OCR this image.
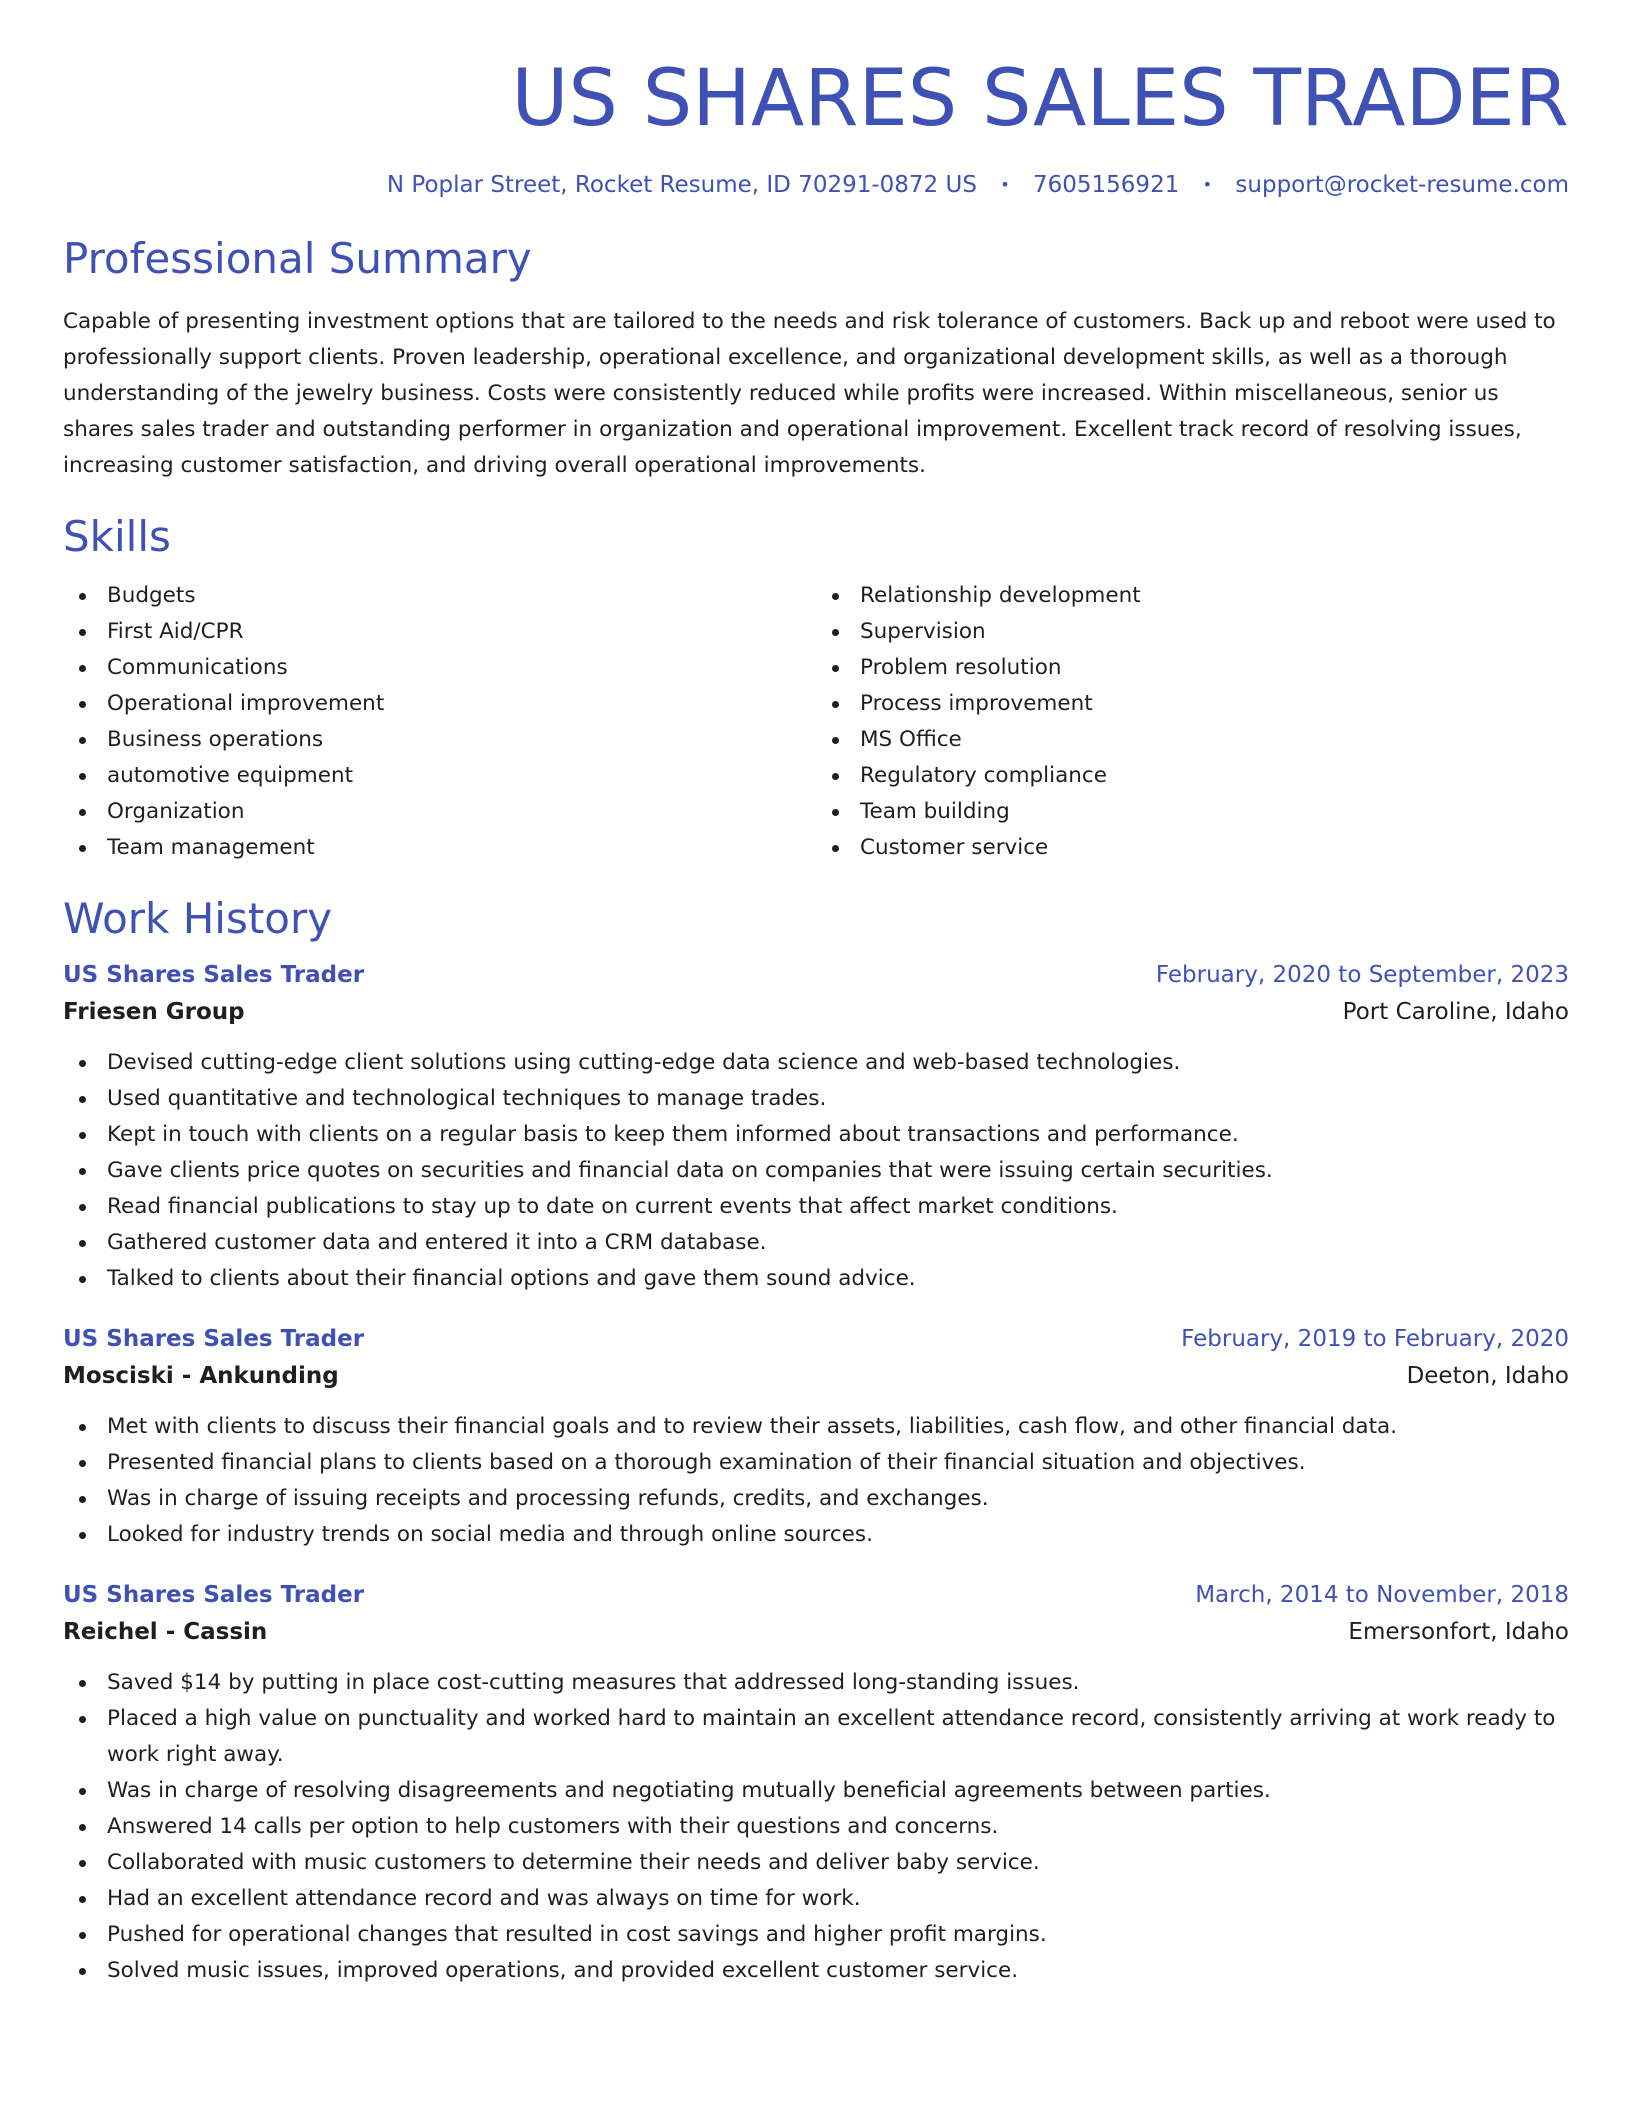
US SHARES SALES TRADER
N Poplar Street, Rocket Resume, ID 70291-0872 US • 7605156921 • support@rocket-resume.com
Professional Summary

Capable of presenting investment options that are tailored to the needs and risk tolerance of customers. Back up and reboot were used to professionally support clients. Proven leadership, operational excellence, and organizational development skills, as well as a thorough understanding of the jewelry business. Costs were consistently reduced while profits were increased. Within miscellaneous, senior us shares sales trader and outstanding performer in organization and operational improvement. Excellent track record of resolving issues, increasing customer satisfaction, and driving overall operational improvements.

Skills
Budgets
First Aid/CPR
Communications
Operational improvement
Business operations
automotive equipment
Organization
Team management
Relationship development
Supervision
Problem resolution
Process improvement
MS Office
Regulatory compliance
Team building
Customer service
Work History
US Shares Sales Trader	February, 2020 to September, 2023
Friesen Group	Port Caroline, Idaho
Devised cutting-edge client solutions using cutting-edge data science and web-based technologies.
Used quantitative and technological techniques to manage trades.
Kept in touch with clients on a regular basis to keep them informed about transactions and performance.
Gave clients price quotes on securities and financial data on companies that were issuing certain securities.
Read financial publications to stay up to date on current events that affect market conditions.
Gathered customer data and entered it into a CRM database.
Talked to clients about their financial options and gave them sound advice.
US Shares Sales Trader	February, 2019 to February, 2020
Mosciski - Ankunding	Deeton, Idaho
Met with clients to discuss their financial goals and to review their assets, liabilities, cash flow, and other financial data.
Presented financial plans to clients based on a thorough examination of their financial situation and objectives.
Was in charge of issuing receipts and processing refunds, credits, and exchanges.
Looked for industry trends on social media and through online sources.
US Shares Sales Trader	March, 2014 to November, 2018
Reichel - Cassin	Emersonfort, Idaho
Saved $14 by putting in place cost-cutting measures that addressed long-standing issues.
Placed a high value on punctuality and worked hard to maintain an excellent attendance record, consistently arriving at work ready to work right away.
Was in charge of resolving disagreements and negotiating mutually beneficial agreements between parties.
Answered 14 calls per option to help customers with their questions and concerns.
Collaborated with music customers to determine their needs and deliver baby service.
Had an excellent attendance record and was always on time for work.
Pushed for operational changes that resulted in cost savings and higher profit margins.
Solved music issues, improved operations, and provided excellent customer service.
